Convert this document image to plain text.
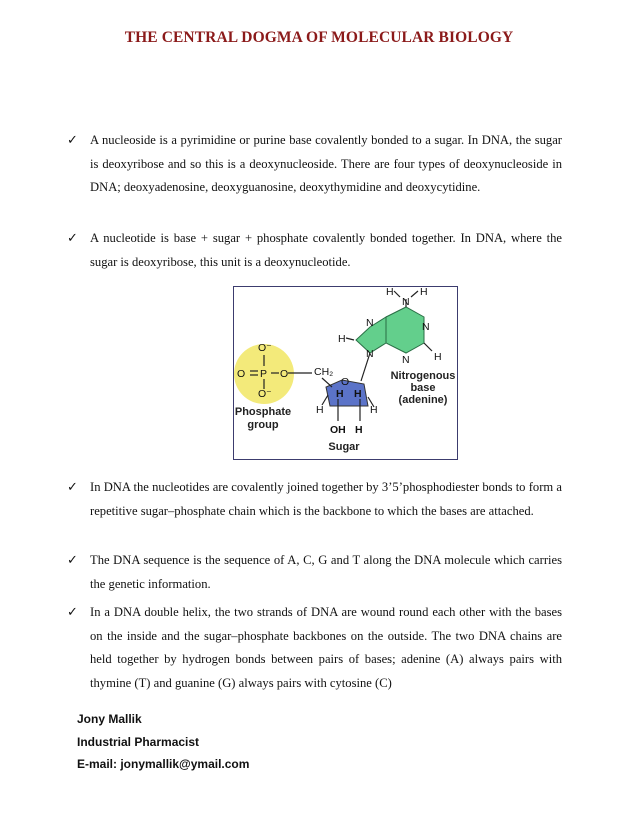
THE CENTRAL DOGMA OF MOLECULAR BIOLOGY
✓ A nucleoside is a pyrimidine or purine base covalently bonded to a sugar. In DNA, the sugar is deoxyribose and so this is a deoxynucleoside. There are four types of deoxynucleoside in DNA; deoxyadenosine, deoxyguanosine, deoxythymidine and deoxycytidine.
✓ A nucleotide is base + sugar + phosphate covalently bonded together. In DNA, where the sugar is deoxyribose, this unit is a deoxynucleotide.
O⁻
O P O
O⁻
CH₂
O
H H
H	H
OH H
H	H
N
N	N
H
N	N H
Phosphate
group
Sugar
Nitrogenous
base
(adenine)
✓ In DNA the nucleotides are covalently joined together by 3’5’phosphodiester bonds to form a repetitive sugar–phosphate chain which is the backbone to which the bases are attached.
✓ The DNA sequence is the sequence of A, C, G and T along the DNA molecule which carries the genetic information.
✓ In a DNA double helix, the two strands of DNA are wound round each other with the bases on the inside and the sugar–phosphate backbones on the outside. The two DNA chains are held together by hydrogen bonds between pairs of bases; adenine (A) always pairs with thymine (T) and guanine (G) always pairs with cytosine (C)
Jony Mallik
Industrial Pharmacist
E-mail: jonymallik@ymail.com
